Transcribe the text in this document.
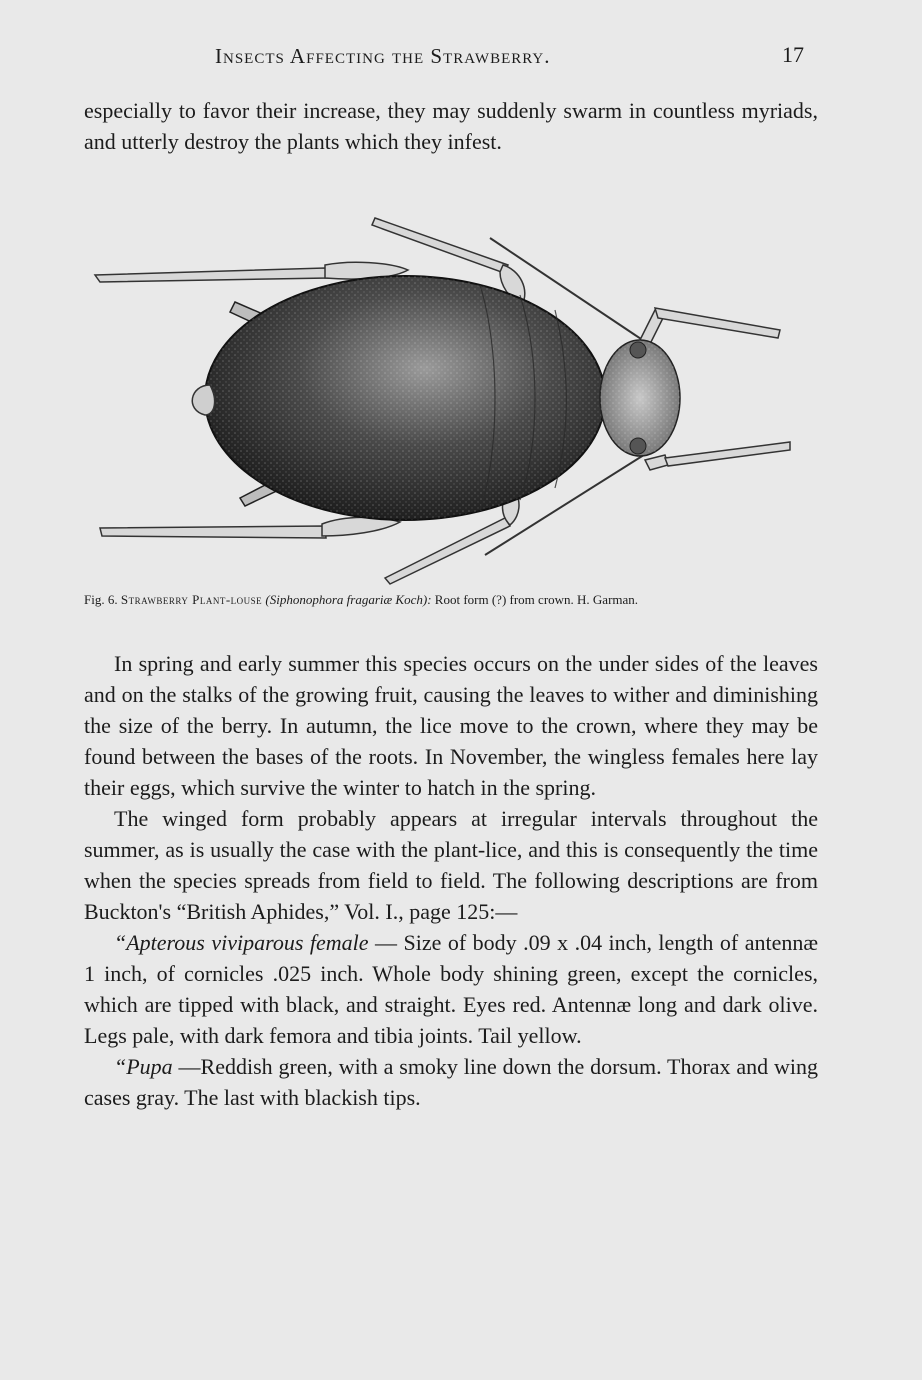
Insects Affecting the Strawberry.	17

especially to favor their increase, they may suddenly swarm in countless myriads, and utterly destroy the plants which they infest.

Fig. 6. Strawberry Plant-louse (Siphonophora fragariæ Koch): Root form (?) from crown. H. Garman.

In spring and early summer this species occurs on the under sides of the leaves and on the stalks of the growing fruit, causing the leaves to wither and diminishing the size of the berry. In autumn, the lice move to the crown, where they may be found between the bases of the roots. In November, the wingless females here lay their eggs, which survive the winter to hatch in the spring.

The winged form probably appears at irregular intervals throughout the summer, as is usually the case with the plant-lice, and this is consequently the time when the species spreads from field to field. The following descriptions are from Buckton's “British Aphides,” Vol. I., page 125:—

“Apterous viviparous female — Size of body .09 x .04 inch, length of antennæ 1 inch, of cornicles .025 inch. Whole body shining green, except the cornicles, which are tipped with black, and straight. Eyes red. Antennæ long and dark olive. Legs pale, with dark femora and tibia joints. Tail yellow.

“Pupa —Reddish green, with a smoky line down the dorsum. Thorax and wing cases gray. The last with blackish tips.
